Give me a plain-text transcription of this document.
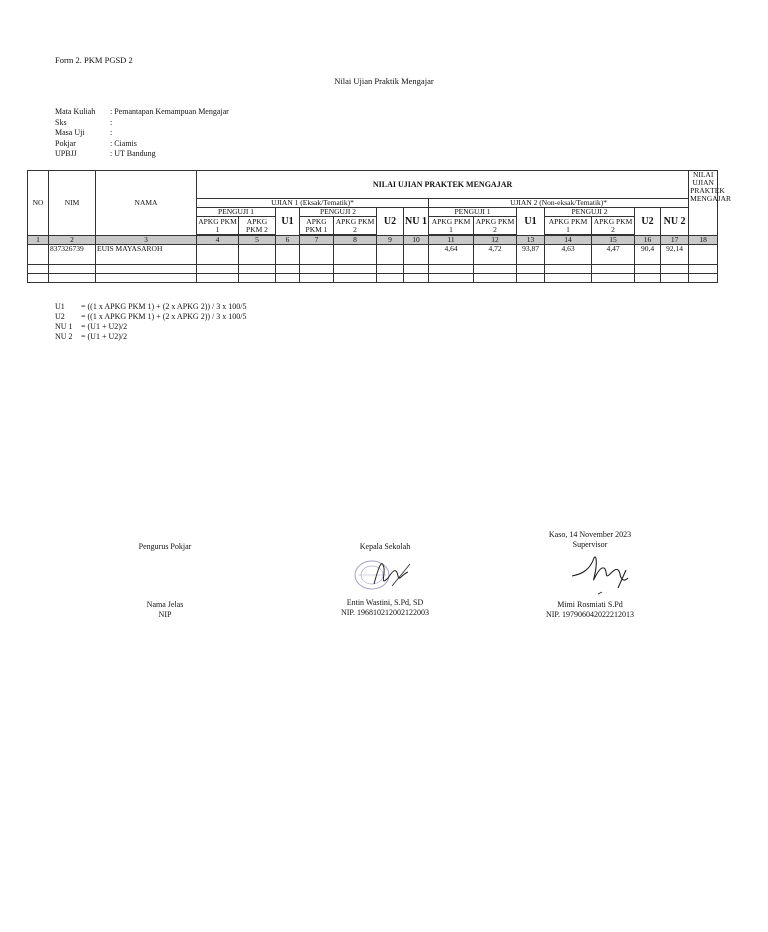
Form 2. PKM PGSD 2
Nilai Ujian Praktik Mengajar
Mata Kuliah	: Pemantapan Kemampuan Mengajar
Sks	:
Masa Uji	:
Pokjar	: Ciamis
UPBJJ	: UT Bandung
NO	NIM	NAMA	NILAI UJIAN PRAKTEK MENGAJAR														NILAI UJIAN PRAKTEK MENGAJAR
			UJIAN 1 (Eksak/Tematik)*							UJIAN 2 (Non-eksak/Tematik)*							
			PENGUJI 1		U1	PENGUJI 2		U2	NU 1	PENGUJI 1		U1	PENGUJI 2		U2	NU 2	
			APKG PKM 1	APKG PKM 2		APKG PKM 1	APKG PKM 2			APKG PKM 1	APKG PKM 2		APKG PKM 1	APKG PKM 2			

1	2	3	4	5	6	7	8	9	10	11	12	13	14	15	16	17	18
	837326739	EUIS MAYASAROH								4,64	4,72	93,87	4,63	4,47	90,4	92,14	

U1	= ((1 x APKG PKM 1) + (2 x APKG 2)) / 3 x 100/5
U2	= ((1 x APKG PKM 1) + (2 x APKG 2)) / 3 x 100/5
NU 1	= (U1 + U2)/2
NU 2	= (U1 + U2)/2
Pengurus Pokjar
Nama Jelas
NIP
Kepala Sekolah
Entin Wastini, S.Pd, SD
NIP. 196810212002122003
Kaso, 14 November 2023
Supervisor
Mimi Rosmiati S.Pd
NIP. 197906042022212013
